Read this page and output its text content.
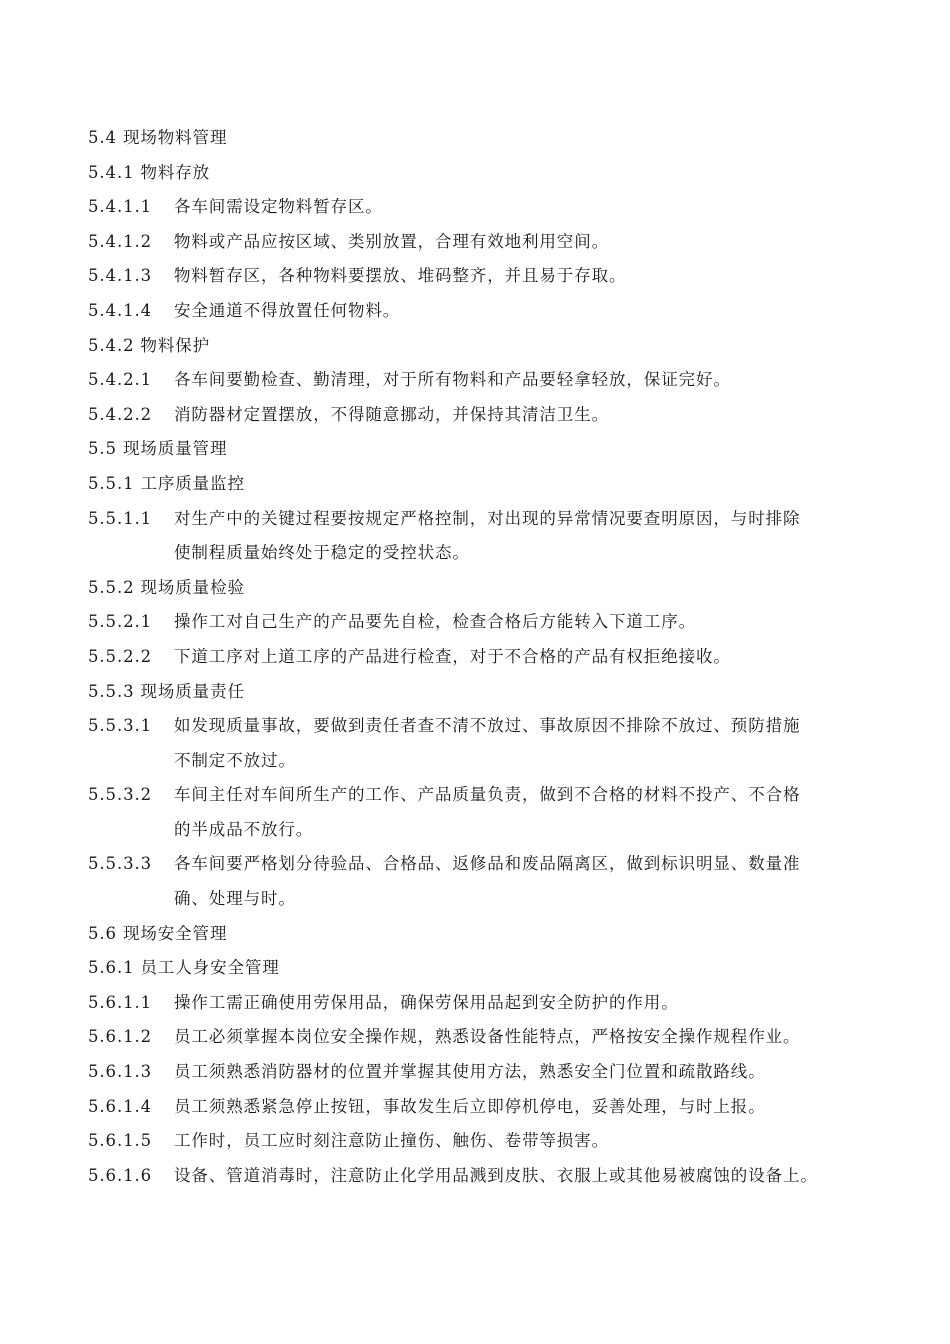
5.4 现场物料管理
5.4.1 物料存放
5.4.1.1	各车间需设定物料暂存区。
5.4.1.2	物料或产品应按区域、类别放置，合理有效地利用空间。
5.4.1.3	物料暂存区，各种物料要摆放、堆码整齐，并且易于存取。
5.4.1.4	安全通道不得放置任何物料。
5.4.2 物料保护
5.4.2.1	各车间要勤检查、勤清理，对于所有物料和产品要轻拿轻放，保证完好。
5.4.2.2	消防器材定置摆放，不得随意挪动，并保持其清洁卫生。
5.5 现场质量管理
5.5.1 工序质量监控
5.5.1.1	对生产中的关键过程要按规定严格控制，对出现的异常情况要查明原因，与时排除
使制程质量始终处于稳定的受控状态。
5.5.2 现场质量检验
5.5.2.1	操作工对自己生产的产品要先自检，检查合格后方能转入下道工序。
5.5.2.2	下道工序对上道工序的产品进行检查，对于不合格的产品有权拒绝接收。
5.5.3 现场质量责任
5.5.3.1	如发现质量事故，要做到责任者查不清不放过、事故原因不排除不放过、预防措施
不制定不放过。
5.5.3.2	车间主任对车间所生产的工作、产品质量负责，做到不合格的材料不投产、不合格
的半成品不放行。
5.5.3.3	各车间要严格划分待验品、合格品、返修品和废品隔离区，做到标识明显、数量准
确、处理与时。
5.6 现场安全管理
5.6.1 员工人身安全管理
5.6.1.1	操作工需正确使用劳保用品，确保劳保用品起到安全防护的作用。
5.6.1.2	员工必须掌握本岗位安全操作规，熟悉设备性能特点，严格按安全操作规程作业。
5.6.1.3	员工须熟悉消防器材的位置并掌握其使用方法，熟悉安全门位置和疏散路线。
5.6.1.4	员工须熟悉紧急停止按钮，事故发生后立即停机停电，妥善处理，与时上报。
5.6.1.5	工作时，员工应时刻注意防止撞伤、触伤、卷带等损害。
5.6.1.6	设备、管道消毒时，注意防止化学用品溅到皮肤、衣服上或其他易被腐蚀的设备上。
